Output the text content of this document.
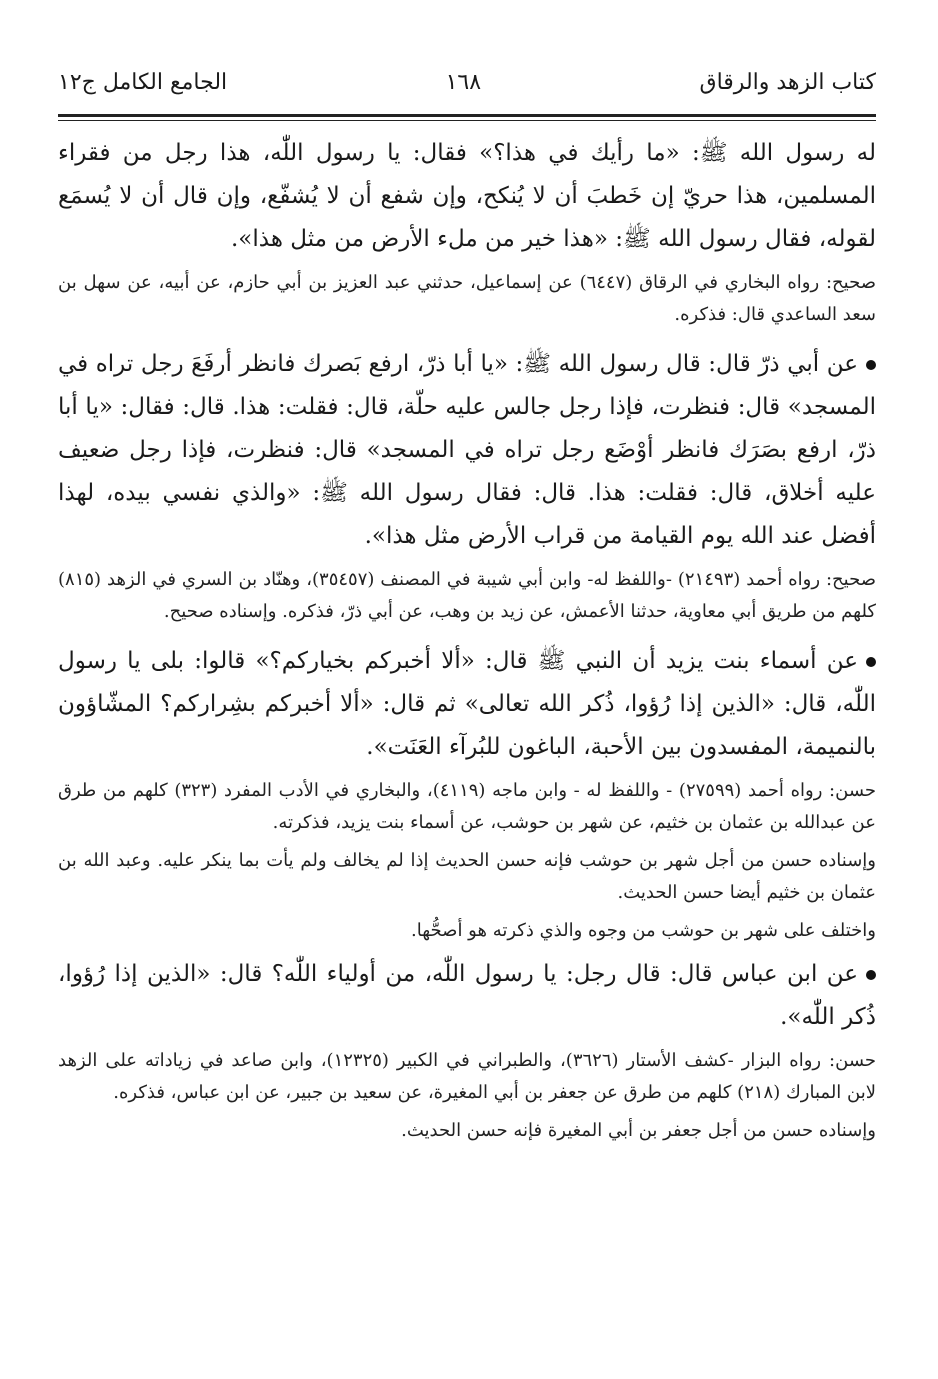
كتاب الزهد والرقاق
١٦٨
الجامع الكامل ج١٢

له رسول الله ﷺ: «ما رأيك في هذا؟» فقال: يا رسول اللّٰه، هذا رجل من فقراء المسلمين، هذا حريّ إن خَطبَ أن لا يُنكح، وإن شفع أن لا يُشفّع، وإن قال أن لا يُسمَع لقوله، فقال رسول الله ﷺ: «هذا خير من ملء الأرض من مثل هذا».

صحيح: رواه البخاري في الرقاق (٦٤٤٧) عن إسماعيل، حدثني عبد العزيز بن أبي حازم، عن أبيه، عن سهل بن سعد الساعدي قال: فذكره.

عن أبي ذرّ قال: قال رسول الله ﷺ: «يا أبا ذرّ، ارفع بَصرك فانظر أرفَعَ رجل تراه في المسجد» قال: فنظرت، فإذا رجل جالس عليه حلّة، قال: فقلت: هذا. قال: فقال: «يا أبا ذرّ، ارفع بصَرَك فانظر أوْضَع رجل تراه في المسجد» قال: فنظرت، فإذا رجل ضعيف عليه أخلاق، قال: فقلت: هذا. قال: فقال رسول الله ﷺ: «والذي نفسي بيده، لهذا أفضل عند الله يوم القيامة من قراب الأرض مثل هذا».

صحيح: رواه أحمد (٢١٤٩٣) -واللفظ له- وابن أبي شيبة في المصنف (٣٥٤٥٧)، وهنّاد بن السري في الزهد (٨١٥) كلهم من طريق أبي معاوية، حدثنا الأعمش، عن زيد بن وهب، عن أبي ذرّ، فذكره. وإسناده صحيح.

عن أسماء بنت يزيد أن النبي ﷺ قال: «ألا أخبركم بخياركم؟» قالوا: بلى يا رسول اللّٰه، قال: «الذين إذا رُؤوا، ذُكر الله تعالى» ثم قال: «ألا أخبركم بشِراركم؟ المشّاؤون بالنميمة، المفسدون بين الأحبة، الباغون للبُرآء العَنَت».

حسن: رواه أحمد (٢٧٥٩٩) - واللفظ له - وابن ماجه (٤١١٩)، والبخاري في الأدب المفرد (٣٢٣) كلهم من طرق عن عبدالله بن عثمان بن خثيم، عن شهر بن حوشب، عن أسماء بنت يزيد، فذكرته.

وإسناده حسن من أجل شهر بن حوشب فإنه حسن الحديث إذا لم يخالف ولم يأت بما ينكر عليه. وعبد الله بن عثمان بن خثيم أيضا حسن الحديث.

واختلف على شهر بن حوشب من وجوه والذي ذكرته هو أصحُّها.

عن ابن عباس قال: قال رجل: يا رسول اللّٰه، من أولياء اللّٰه؟ قال: «الذين إذا رُؤوا، ذُكر اللّٰه».

حسن: رواه البزار -كشف الأستار (٣٦٢٦)، والطبراني في الكبير (١٢٣٢٥)، وابن صاعد في زياداته على الزهد لابن المبارك (٢١٨) كلهم من طرق عن جعفر بن أبي المغيرة، عن سعيد بن جبير، عن ابن عباس، فذكره.

وإسناده حسن من أجل جعفر بن أبي المغيرة فإنه حسن الحديث.
